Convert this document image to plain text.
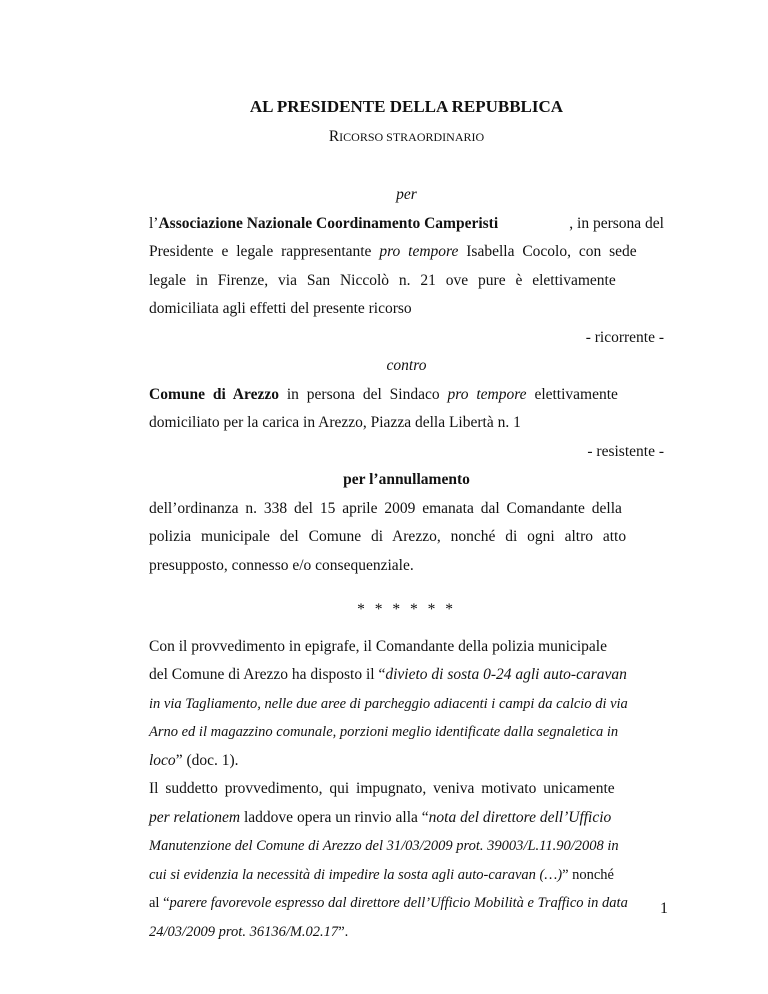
AL PRESIDENTE DELLA REPUBBLICA
RICORSO STRAORDINARIO
per
l’ Associazione Nazionale Coordinamento Camperisti	, in persona del
Presidente e legale rappresentante pro tempore Isabella Cocolo, con sede
legale in Firenze, via San Niccolò n. 21 ove pure è elettivamente
domiciliata agli effetti del presente ricorso
- ricorrente -
contro
Comune di Arezzo in persona del Sindaco pro tempore elettivamente
domiciliato per la carica in Arezzo, Piazza della Libertà n. 1
- resistente -
per l’annullamento
dell’ordinanza n. 338 del 15 aprile 2009 emanata dal Comandante della
polizia municipale del Comune di Arezzo, nonché di ogni altro atto
presupposto, connesso e/o consequenziale.
* * * * * *
Con il provvedimento in epigrafe, il Comandante della polizia municipale
del Comune di Arezzo ha disposto il “divieto di sosta 0-24 agli auto-caravan
in via Tagliamento, nelle due aree di parcheggio adiacenti i campi da calcio di via
Arno ed il magazzino comunale, porzioni meglio identificate dalla segnaletica in
loco” (doc. 1).
Il suddetto provvedimento, qui impugnato, veniva motivato unicamente
per relationem laddove opera un rinvio alla “nota del direttore dell’Ufficio
Manutenzione del Comune di Arezzo del 31/03/2009 prot. 39003/L.11.90/2008 in
cui si evidenzia la necessità di impedire la sosta agli auto-caravan (…)” nonché
al “parere favorevole espresso dal direttore dell’Ufficio Mobilità e Traffico in data
24/03/2009 prot. 36136/M.02.17”.
1
